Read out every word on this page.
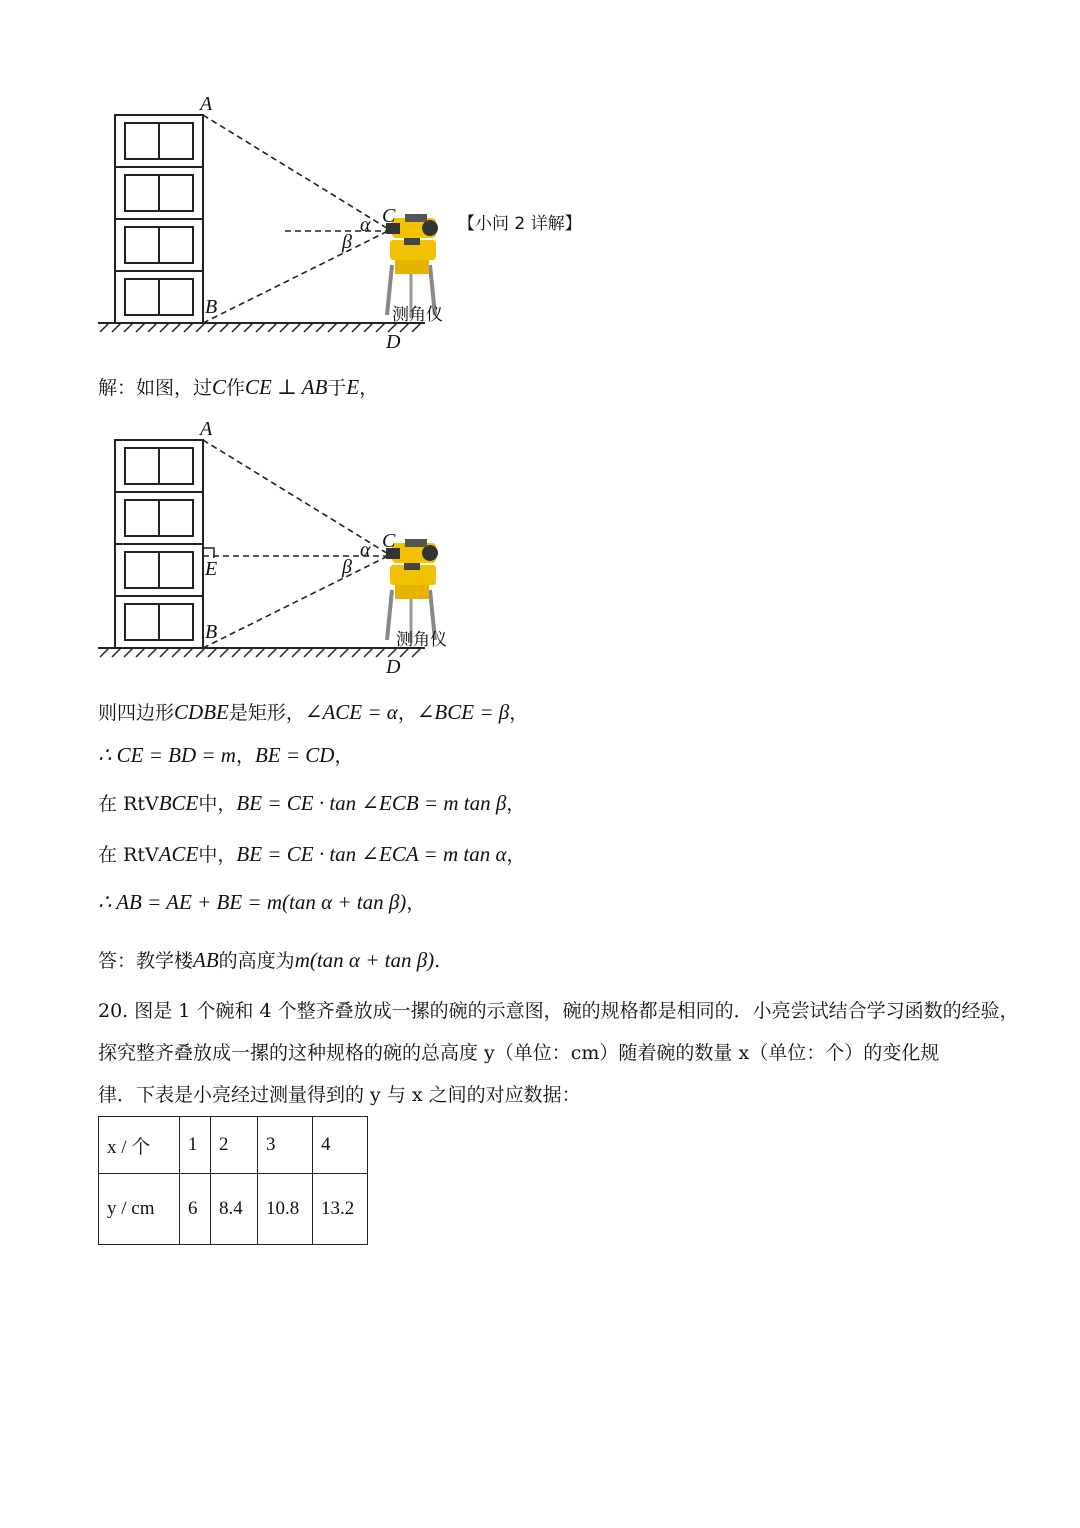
A
B
C
D
α
β
测角仪
【小问 2 详解】
解：如图，过C作CE ⊥ AB于E，
A
B
E
C
D
α
β
测角仪
则四边形CDBE是矩形，∠ACE = α，∠BCE = β，
∴ CE = BD = m，BE = CD，
在 RtVBCE中，BE = CE · tan ∠ECB = m tan β，
在 RtVACE中，BE = CE · tan ∠ECA = m tan α，
∴ AB = AE + BE = m(tan α + tan β)，
答：教学楼AB的高度为m(tan α + tan β).
20. 图是 1 个碗和 4 个整齐叠放成一摞的碗的示意图，碗的规格都是相同的．小亮尝试结合学习函数的经验，
探究整齐叠放成一摞的这种规格的碗的总高度 y（单位：cm）随着碗的数量 x（单位：个）的变化规
律．下表是小亮经过测量得到的 y 与 x 之间的对应数据：
x / 个	1	2	3	4
y / cm	6	8.4	10.8	13.2
